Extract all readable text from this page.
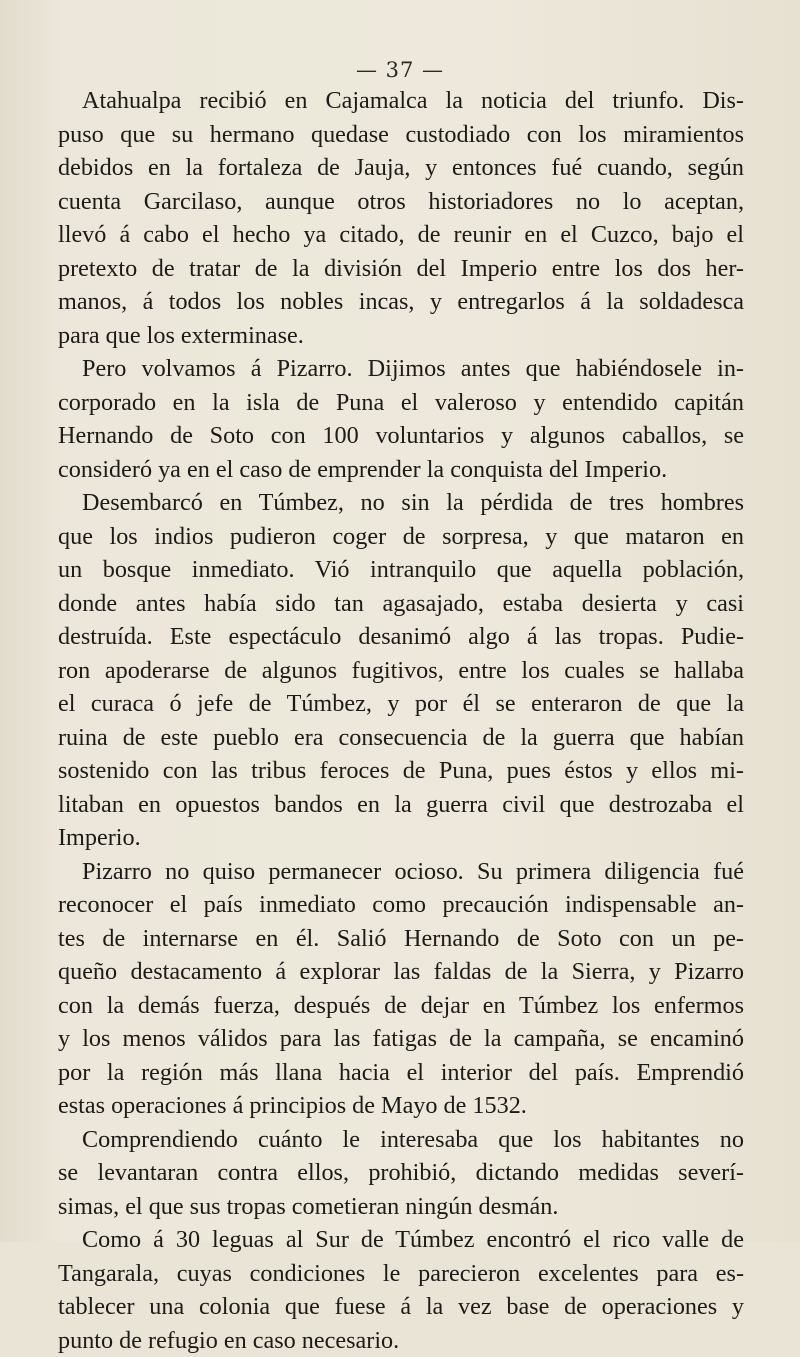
— 37 —
Atahualpa recibió en Cajamalca la noticia del triunfo. Dis-
puso que su hermano quedase custodiado con los miramientos
debidos en la fortaleza de Jauja, y entonces fué cuando, según
cuenta Garcilaso, aunque otros historiadores no lo aceptan,
llevó á cabo el hecho ya citado, de reunir en el Cuzco, bajo el
pretexto de tratar de la división del Imperio entre los dos her-
manos, á todos los nobles incas, y entregarlos á la soldadesca
para que los exterminase.
Pero volvamos á Pizarro. Dijimos antes que habiéndosele in-
corporado en la isla de Puna el valeroso y entendido capitán
Hernando de Soto con 100 voluntarios y algunos caballos, se
consideró ya en el caso de emprender la conquista del Imperio.
Desembarcó en Túmbez, no sin la pérdida de tres hombres
que los indios pudieron coger de sorpresa, y que mataron en
un bosque inmediato. Vió intranquilo que aquella población,
donde antes había sido tan agasajado, estaba desierta y casi
destruída. Este espectáculo desanimó algo á las tropas. Pudie-
ron apoderarse de algunos fugitivos, entre los cuales se hallaba
el curaca ó jefe de Túmbez, y por él se enteraron de que la
ruina de este pueblo era consecuencia de la guerra que habían
sostenido con las tribus feroces de Puna, pues éstos y ellos mi-
litaban en opuestos bandos en la guerra civil que destrozaba el
Imperio.
Pizarro no quiso permanecer ocioso. Su primera diligencia fué
reconocer el país inmediato como precaución indispensable an-
tes de internarse en él. Salió Hernando de Soto con un pe-
queño destacamento á explorar las faldas de la Sierra, y Pizarro
con la demás fuerza, después de dejar en Túmbez los enfermos
y los menos válidos para las fatigas de la campaña, se encaminó
por la región más llana hacia el interior del país. Emprendió
estas operaciones á principios de Mayo de 1532.
Comprendiendo cuánto le interesaba que los habitantes no
se levantaran contra ellos, prohibió, dictando medidas severí-
simas, el que sus tropas cometieran ningún desmán.
Como á 30 leguas al Sur de Túmbez encontró el rico valle de
Tangarala, cuyas condiciones le parecieron excelentes para es-
tablecer una colonia que fuese á la vez base de operaciones y
punto de refugio en caso necesario.
